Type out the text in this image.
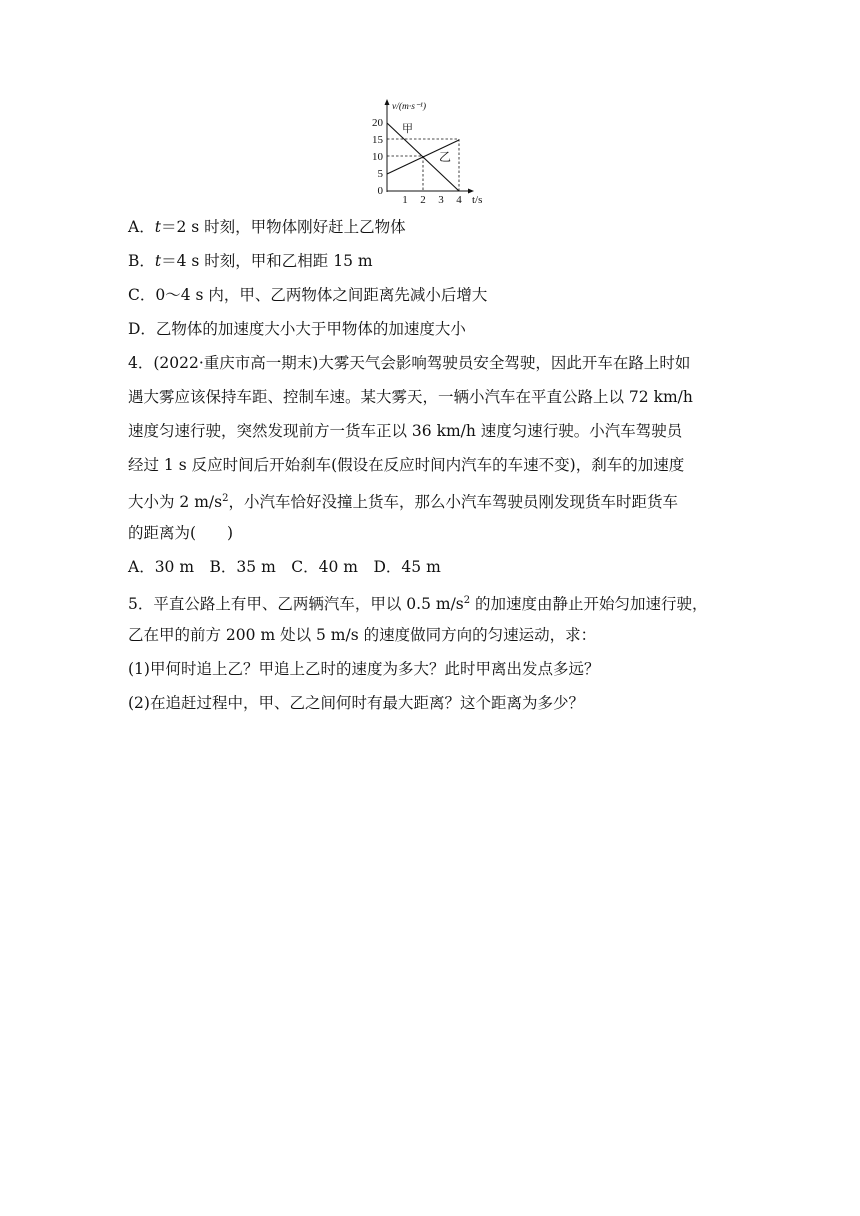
v/(m·s⁻¹)
t/s
20
15
10
5
0
1 2 3 4
甲
乙
A．t＝2 s 时刻，甲物体刚好赶上乙物体
B．t＝4 s 时刻，甲和乙相距 15 m
C．0～4 s 内，甲、乙两物体之间距离先减小后增大
D．乙物体的加速度大小大于甲物体的加速度大小
4．(2022·重庆市高一期末)大雾天气会影响驾驶员安全驾驶，因此开车在路上时如
遇大雾应该保持车距、控制车速。某大雾天，一辆小汽车在平直公路上以 72 km/h
速度匀速行驶，突然发现前方一货车正以 36 km/h 速度匀速行驶。小汽车驾驶员
经过 1 s 反应时间后开始刹车(假设在反应时间内汽车的车速不变)，刹车的加速度
大小为 2 $m/s^2$，小汽车恰好没撞上货车，那么小汽车驾驶员刚发现货车时距货车
的距离为(　　)
A．30 m　B．35 m　C．40 m　D．45 m
5．平直公路上有甲、乙两辆汽车，甲以 0.5 $m/s^2$ 的加速度由静止开始匀加速行驶，
乙在甲的前方 200 m 处以 5 m/s 的速度做同方向的匀速运动，求：
(1)甲何时追上乙？甲追上乙时的速度为多大？此时甲离出发点多远？
(2)在追赶过程中，甲、乙之间何时有最大距离？这个距离为多少？
